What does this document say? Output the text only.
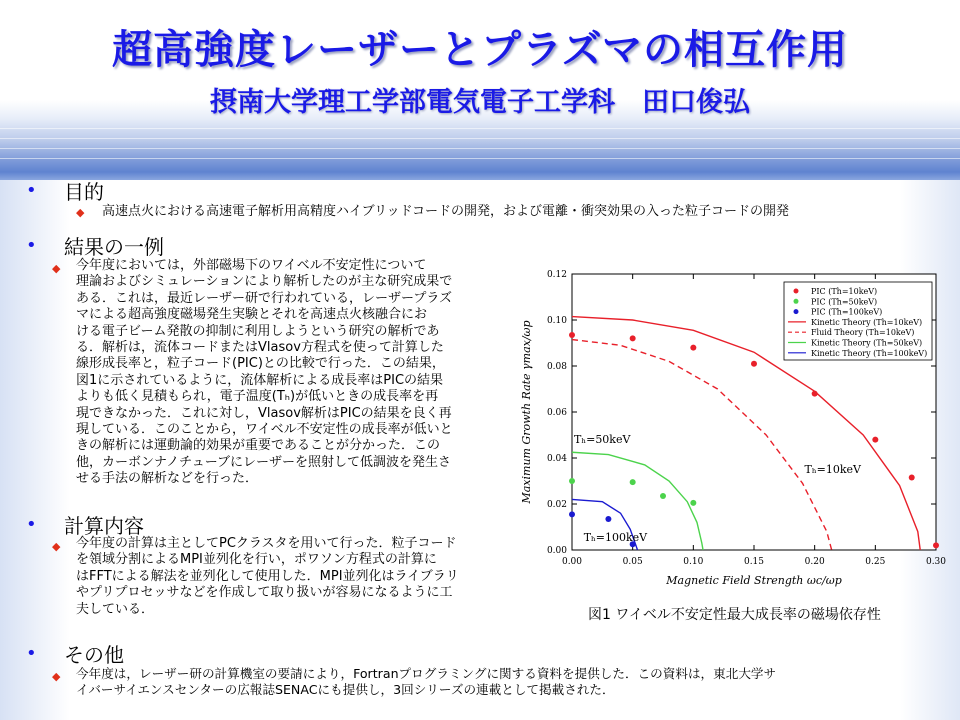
超高強度レーザーとプラズマの相互作用
摂南大学理工学部電気電子工学科　田口俊弘
• 目的
◆ 高速点火における高速電子解析用高精度ハイブリッドコードの開発，および電離・衝突効果の入った粒子コードの開発
• 結果の一例
◆ 今年度においては，外部磁場下のワイベル不安定性について
理論およびシミュレーションにより解析したのが主な研究成果で
ある．これは，最近レーザー研で行われている，レーザープラズ
マによる超高強度磁場発生実験とそれを高速点火核融合にお
ける電子ビーム発散の抑制に利用しようという研究の解析であ
る．解析は，流体コードまたはVlasov方程式を使って計算した
線形成長率と，粒子コード(PIC)との比較で行った．この結果，
図1に示されているように，流体解析による成長率はPICの結果
よりも低く見積もられ，電子温度(Tₕ)が低いときの成長率を再
現できなかった．これに対し，Vlasov解析はPICの結果を良く再
現している．このことから，ワイベル不安定性の成長率が低いと
きの解析には運動論的効果が重要であることが分かった．この
他，カーボンナノチューブにレーザーを照射して低調波を発生さ
せる手法の解析などを行った．
• 計算内容
◆ 今年度の計算は主としてPCクラスタを用いて行った．粒子コード
を領域分割によるMPI並列化を行い，ポワソン方程式の計算に
はFFTによる解法を並列化して使用した．MPI並列化はライブラリ
やプリプロセッサなどを作成して取り扱いが容易になるように工
夫している．
• その他
◆ 今年度は，レーザー研の計算機室の要請により，Fortranプログラミングに関する資料を提供した．この資料は，東北大学サ
イバーサイエンスセンターの広報誌SENACにも提供し，3回シリーズの連載として掲載された．
0.00	0.05	0.10	0.15	0.20	0.25	0.30
0.00
0.02
0.04
0.06
0.08
0.10
0.12
Magnetic Field Strength ωc/ωp
Maximum Growth Rate γmax/ωp	Tₕ=10keV
Tₕ=50keV
Tₕ=100keV
PIC (Th=10keV)
PIC (Th=50keV)
PIC (Th=100keV)
Kinetic Theory (Th=10keV)
Fluid Theory (Th=10keV)
Kinetic Theory (Th=50keV)
Kinetic Theory (Th=100keV)
図1 ワイベル不安定性最大成長率の磁場依存性
